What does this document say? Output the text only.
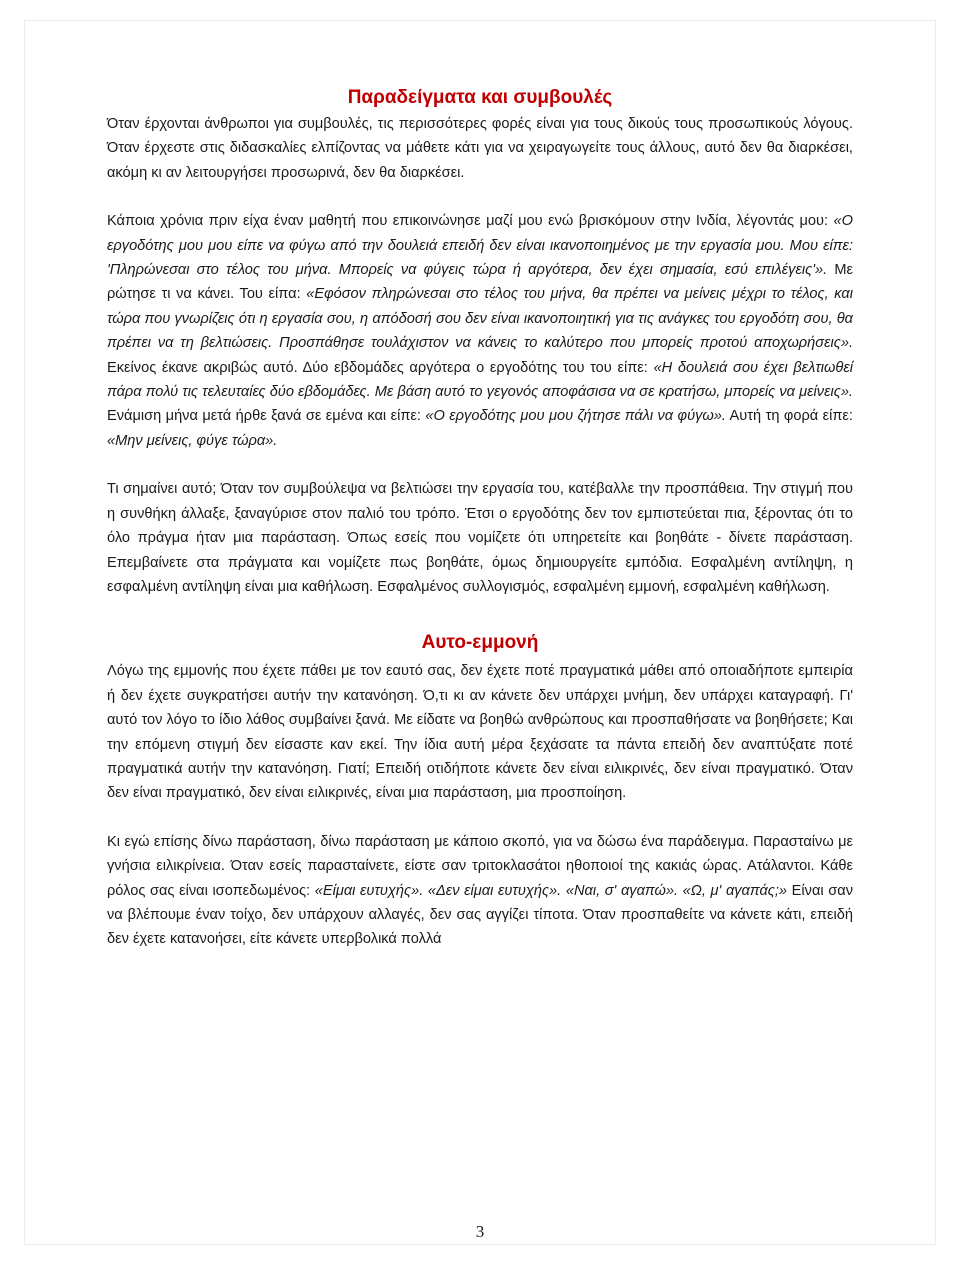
Παραδείγματα και συμβουλές

Όταν έρχονται άνθρωποι για συμβουλές, τις περισσότερες φορές είναι για τους δικούς τους προσωπικούς λόγους. Όταν έρχεστε στις διδασκαλίες ελπίζοντας να μάθετε κάτι για να χειραγωγείτε τους άλλους, αυτό δεν θα διαρκέσει, ακόμη κι αν λειτουργήσει προσωρινά, δεν θα διαρκέσει.

Κάποια χρόνια πριν είχα έναν μαθητή που επικοινώνησε μαζί μου ενώ βρισκόμουν στην Ινδία, λέγοντάς μου: «Ο εργοδότης μου μου είπε να φύγω από την δουλειά επειδή δεν είναι ικανοποιημένος με την εργασία μου. Μου είπε: 'Πληρώνεσαι στο τέλος του μήνα. Μπορείς να φύγεις τώρα ή αργότερα, δεν έχει σημασία, εσύ επιλέγεις'». Με ρώτησε τι να κάνει. Του είπα: «Εφόσον πληρώνεσαι στο τέλος του μήνα, θα πρέπει να μείνεις μέχρι το τέλος, και τώρα που γνωρίζεις ότι η εργασία σου, η απόδοσή σου δεν είναι ικανοποιητική για τις ανάγκες του εργοδότη σου, θα πρέπει να τη βελτιώσεις. Προσπάθησε τουλάχιστον να κάνεις το καλύτερο που μπορείς προτού αποχωρήσεις». Εκείνος έκανε ακριβώς αυτό. Δύο εβδομάδες αργότερα ο εργοδότης του του είπε: «Η δουλειά σου έχει βελτιωθεί πάρα πολύ τις τελευταίες δύο εβδομάδες. Με βάση αυτό το γεγονός αποφάσισα να σε κρατήσω, μπορείς να μείνεις». Ενάμιση μήνα μετά ήρθε ξανά σε εμένα και είπε: «Ο εργοδότης μου μου ζήτησε πάλι να φύγω». Αυτή τη φορά είπε: «Μην μείνεις, φύγε τώρα».

Τι σημαίνει αυτό; Όταν τον συμβούλεψα να βελτιώσει την εργασία του, κατέβαλλε την προσπάθεια. Την στιγμή που η συνθήκη άλλαξε, ξαναγύρισε στον παλιό του τρόπο. Έτσι ο εργοδότης δεν τον εμπιστεύεται πια, ξέροντας ότι το όλο πράγμα ήταν μια παράσταση. Όπως εσείς που νομίζετε ότι υπηρετείτε και βοηθάτε - δίνετε παράσταση. Επεμβαίνετε στα πράγματα και νομίζετε πως βοηθάτε, όμως δημιουργείτε εμπόδια. Εσφαλμένη αντίληψη, η εσφαλμένη αντίληψη είναι μια καθήλωση. Εσφαλμένος συλλογισμός, εσφαλμένη εμμονή, εσφαλμένη καθήλωση.

Αυτο-εμμονή

Λόγω της εμμονής που έχετε πάθει με τον εαυτό σας, δεν έχετε ποτέ πραγματικά μάθει από οποιαδήποτε εμπειρία ή δεν έχετε συγκρατήσει αυτήν την κατανόηση. Ό,τι κι αν κάνετε δεν υπάρχει μνήμη, δεν υπάρχει καταγραφή. Γι' αυτό τον λόγο το ίδιο λάθος συμβαίνει ξανά. Με είδατε να βοηθώ ανθρώπους και προσπαθήσατε να βοηθήσετε; Και την επόμενη στιγμή δεν είσαστε καν εκεί. Την ίδια αυτή μέρα ξεχάσατε τα πάντα επειδή δεν αναπτύξατε ποτέ πραγματικά αυτήν την κατανόηση. Γιατί; Επειδή οτιδήποτε κάνετε δεν είναι ειλικρινές, δεν είναι πραγματικό. Όταν δεν είναι πραγματικό, δεν είναι ειλικρινές, είναι μια παράσταση, μια προσποίηση.

Κι εγώ επίσης δίνω παράσταση, δίνω παράσταση με κάποιο σκοπό, για να δώσω ένα παράδειγμα. Παρασταίνω με γνήσια ειλικρίνεια. Όταν εσείς παρασταίνετε, είστε σαν τριτοκλασάτοι ηθοποιοί της κακιάς ώρας. Ατάλαντοι. Κάθε ρόλος σας είναι ισοπεδωμένος: «Είμαι ευτυχής». «Δεν είμαι ευτυχής». «Ναι, σ' αγαπώ». «Ω, μ' αγαπάς;» Είναι σαν να βλέπουμε έναν τοίχο, δεν υπάρχουν αλλαγές, δεν σας αγγίζει τίποτα. Όταν προσπαθείτε να κάνετε κάτι, επειδή δεν έχετε κατανοήσει, είτε κάνετε υπερβολικά πολλά

3
